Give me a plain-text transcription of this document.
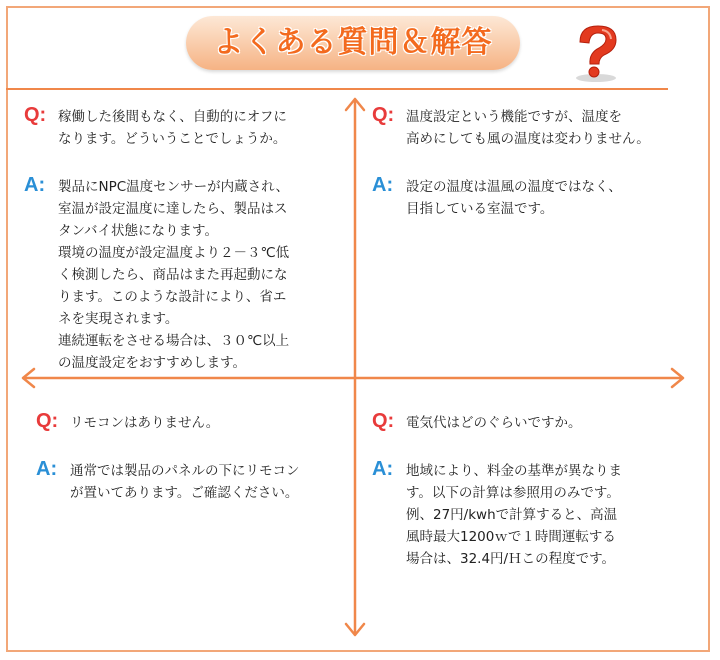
よくある質問＆解答
Q: 稼働した後間もなく、自動的にオフに
なります。どういうことでしょうか。
A: 製品にNPC温度センサーが内蔵され、
室温が設定温度に達したら、製品はス
タンバイ状態になります。
環境の温度が設定温度より２－３℃低
く検測したら、商品はまた再起動にな
ります。このような設計により、省エ
ネを実現されます。
連続運転をさせる場合は、３０℃以上
の温度設定をおすすめします。
Q: 温度設定という機能ですが、温度を
高めにしても風の温度は変わりません。
A: 設定の温度は温風の温度ではなく、
目指している室温です。
Q: リモコンはありません。
A: 通常では製品のパネルの下にリモコン
が置いてあります。ご確認ください。
Q: 電気代はどのぐらいですか。
A: 地域により、料金の基準が異なりま
す。以下の計算は参照用のみです。
例、27円/kwhで計算すると、高温
風時最大1200ｗで１時間運転する
場合は、32.4円/Ｈこの程度です。
